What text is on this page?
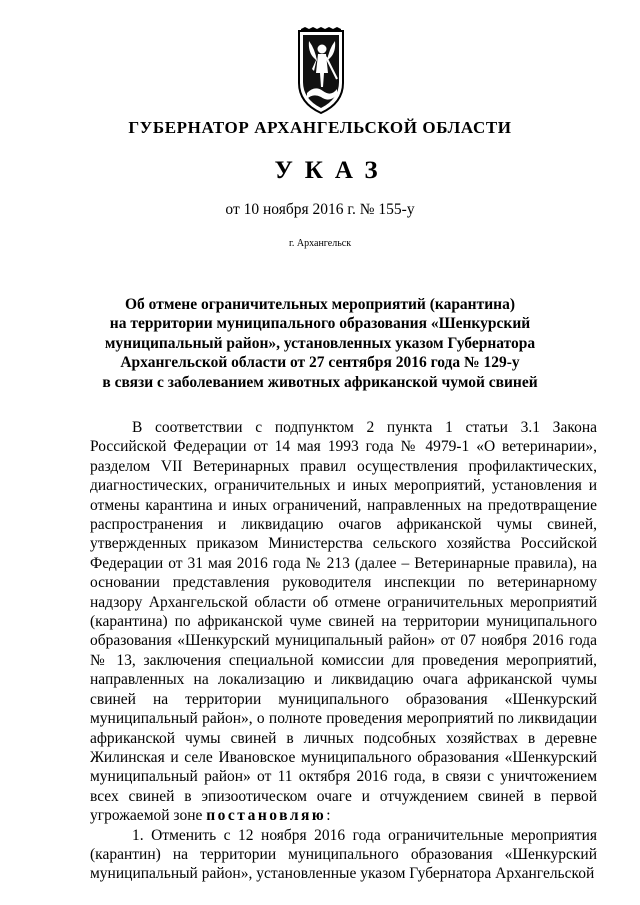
ГУБЕРНАТОР АРХАНГЕЛЬСКОЙ ОБЛАСТИ
УКАЗ
от 10 ноября 2016 г. № 155-у
г. Архангельск
Об отмене ограничительных мероприятий (карантина)
на территории муниципального образования «Шенкурский
муниципальный район», установленных указом Губернатора
Архангельской области от 27 сентября 2016 года № 129-у
в связи с заболеванием животных африканской чумой свиней

В соответствии с подпунктом 2 пункта 1 статьи 3.1 Закона Российской Федерации от 14 мая 1993 года № 4979-1 «О ветеринарии», разделом VII Ветеринарных правил осуществления профилактических, диагностических, ограничительных и иных мероприятий, установления и отмены карантина и иных ограничений, направленных на предотвращение распространения и ликвидацию очагов африканской чумы свиней, утвержденных приказом Министерства сельского хозяйства Российской Федерации от 31 мая 2016 года № 213 (далее – Ветеринарные правила), на основании представления руководителя инспекции по ветеринарному надзору Архангельской области об отмене ограничительных мероприятий (карантина) по африканской чуме свиней на территории муниципального образования «Шенкурский муниципальный район» от 07 ноября 2016 года № 13, заключения специальной комиссии для проведения мероприятий, направленных на локализацию и ликвидацию очага африканской чумы свиней на территории муниципального образования «Шенкурский муниципальный район», о полноте проведения мероприятий по ликвидации африканской чумы свиней в личных подсобных хозяйствах в деревне Жилинская и селе Ивановское муниципального образования «Шенкурский муниципальный район» от 11 октября 2016 года, в связи с уничтожением всех свиней в эпизоотическом очаге и отчуждением свиней в первой угрожаемой зоне постановляю:

1. Отменить с 12 ноября 2016 года ограничительные мероприятия (карантин) на территории муниципального образования «Шенкурский муниципальный район», установленные указом Губернатора Архангельской
